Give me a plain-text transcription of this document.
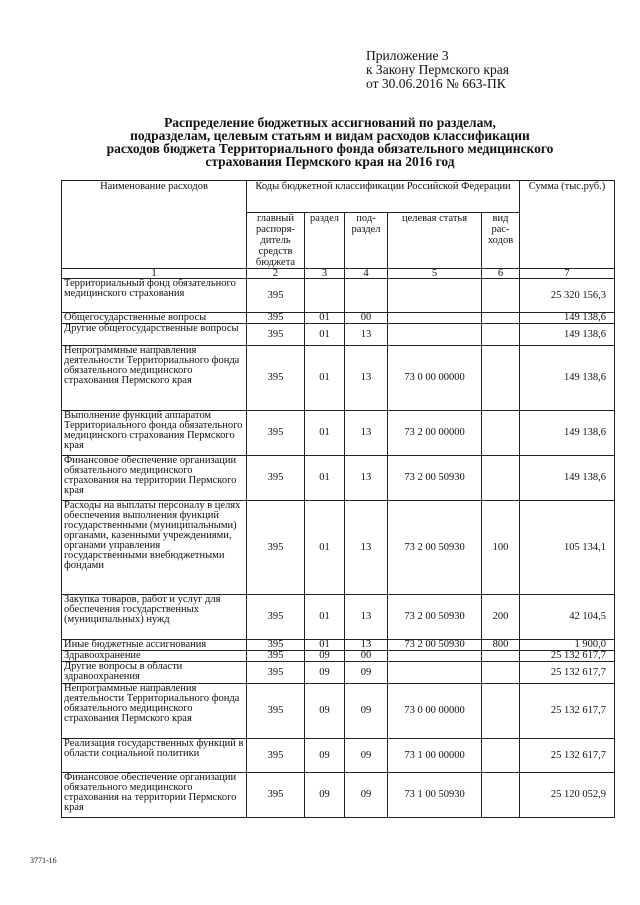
Приложение 3
к Закону Пермского края
от 30.06.2016 № 663-ПК
Распределение бюджетных ассигнований по разделам,
подразделам, целевым статьям и видам расходов классификации
расходов бюджета Территориального фонда обязательного медицинского
страхования Пермского края на 2016 год
Наименование расходов	Коды бюджетной классификации Российской Федерации					Сумма (тыс.руб.)
	главный распоря-дитель средств бюджета	раздел	под-раздел	целевая статья	вид рас-ходов	
1	2	3	4	5	6	7
Территориальный фонд обязательного медицинского страхования	395					25 320 156,3
Общегосударственные вопросы	395	01	00			149 138,6
Другие общегосударственные вопросы	395	01	13			149 138,6
Непрограммные направления деятельности Территориального фонда обязательного медицинского страхования Пермского края	395	01	13	73 0 00 00000		149 138,6
Выполнение функций аппаратом Территориального фонда обязательного медицинского страхования Пермского края	395	01	13	73 2 00 00000		149 138,6
Финансовое обеспечение организации обязательного медицинского страхования на территории Пермского края	395	01	13	73 2 00 50930		149 138,6
Расходы на выплаты персоналу в целях обеспечения выполнения функций государственными (муниципальными) органами, казенными учреждениями, органами управления государственными внебюджетными фондами	395	01	13	73 2 00 50930	100	105 134,1
Закупка товаров, работ и услуг для обеспечения государственных (муниципальных) нужд	395	01	13	73 2 00 50930	200	42 104,5
Иные бюджетные ассигнования	395	01	13	73 2 00 50930	800	1 900,0
Здравоохранение	395	09	00			25 132 617,7
Другие вопросы в области здравоохранения	395	09	09			25 132 617,7
Непрограммные направления деятельности Территориального фонда обязательного медицинского страхования Пермского края	395	09	09	73 0 00 00000		25 132 617,7
Реализация государственных функций в области социальной политики	395	09	09	73 1 00 00000		25 132 617,7
Финансовое обеспечение организации обязательного медицинского страхования на территории Пермского края	395	09	09	73 1 00 50930		25 120 052,9
3771-16
